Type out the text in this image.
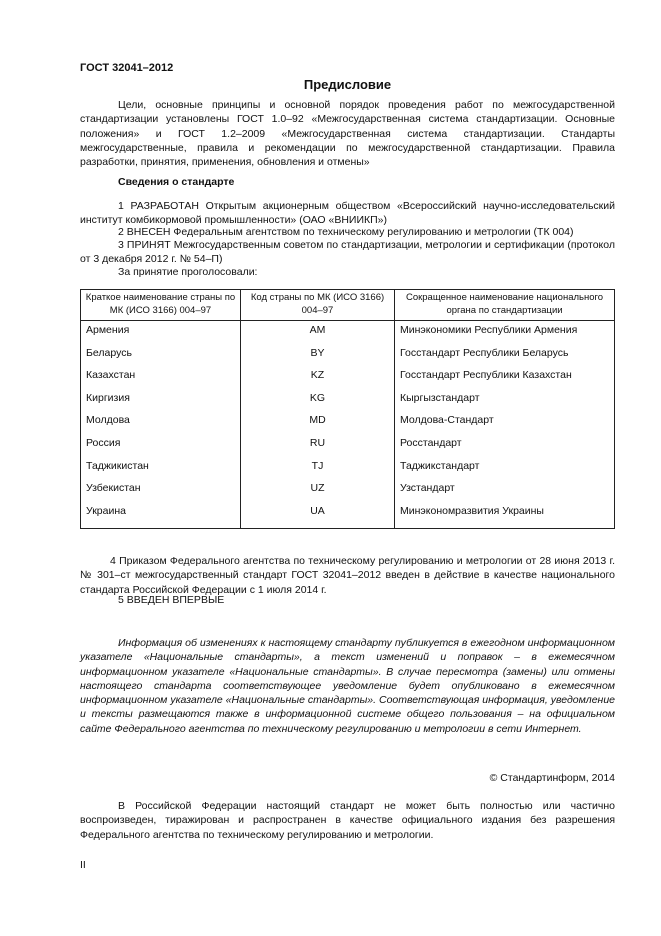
ГОСТ 32041–2012
Предисловие
Цели, основные принципы и основной порядок проведения работ по межгосударственной стандартизации установлены ГОСТ 1.0–92 «Межгосударственная система стандартизации. Основные положения» и ГОСТ 1.2–2009 «Межгосударственная система стандартизации. Стандарты межгосударственные, правила и рекомендации по межгосударственной стандартизации. Правила разработки, принятия, применения, обновления и отмены»
Сведения о стандарте
1 РАЗРАБОТАН Открытым акционерным обществом «Всероссийский научно-исследовательский институт комбикормовой промышленности» (ОАО «ВНИИКП»)
2 ВНЕСЕН Федеральным агентством по техническому регулированию и метрологии (ТК 004)
3 ПРИНЯТ Межгосударственным советом по стандартизации, метрологии и сертификации (протокол от 3 декабря 2012 г. № 54–П)
За принятие проголосовали:
Краткое наименование страны по МК (ИСО 3166) 004–97	Код страны по МК (ИСО 3166) 004–97	Сокращенное наименование национального органа по стандартизации
Армения	AM	Минэкономики Республики Армения
Беларусь	BY	Госстандарт Республики Беларусь
Казахстан	KZ	Госстандарт Республики Казахстан
Киргизия	KG	Кыргызстандарт
Молдова	MD	Молдова-Стандарт
Россия	RU	Росстандарт
Таджикистан	TJ	Таджикстандарт
Узбекистан	UZ	Узстандарт
Украина	UA	Минэкономразвития Украины
4 Приказом Федерального агентства по техническому регулированию и метрологии от 28 июня 2013 г. № 301–ст межгосударственный стандарт ГОСТ 32041–2012 введен в действие в качестве национального стандарта Российской Федерации с 1 июля 2014 г.
5 ВВЕДЕН ВПЕРВЫЕ
Информация об изменениях к настоящему стандарту публикуется в ежегодном информационном указателе «Национальные стандарты», а текст изменений и поправок – в ежемесячном информационном указателе «Национальные стандарты». В случае пересмотра (замены) или отмены настоящего стандарта соответствующее уведомление будет опубликовано в ежемесячном информационном указателе «Национальные стандарты». Соответствующая информация, уведомление и тексты размещаются также в информационной системе общего пользования – на официальном сайте Федерального агентства по техническому регулированию и метрологии в сети Интернет.
© Стандартинформ, 2014
В Российской Федерации настоящий стандарт не может быть полностью или частично воспроизведен, тиражирован и распространен в качестве официального издания без разрешения Федерального агентства по техническому регулированию и метрологии.
II
